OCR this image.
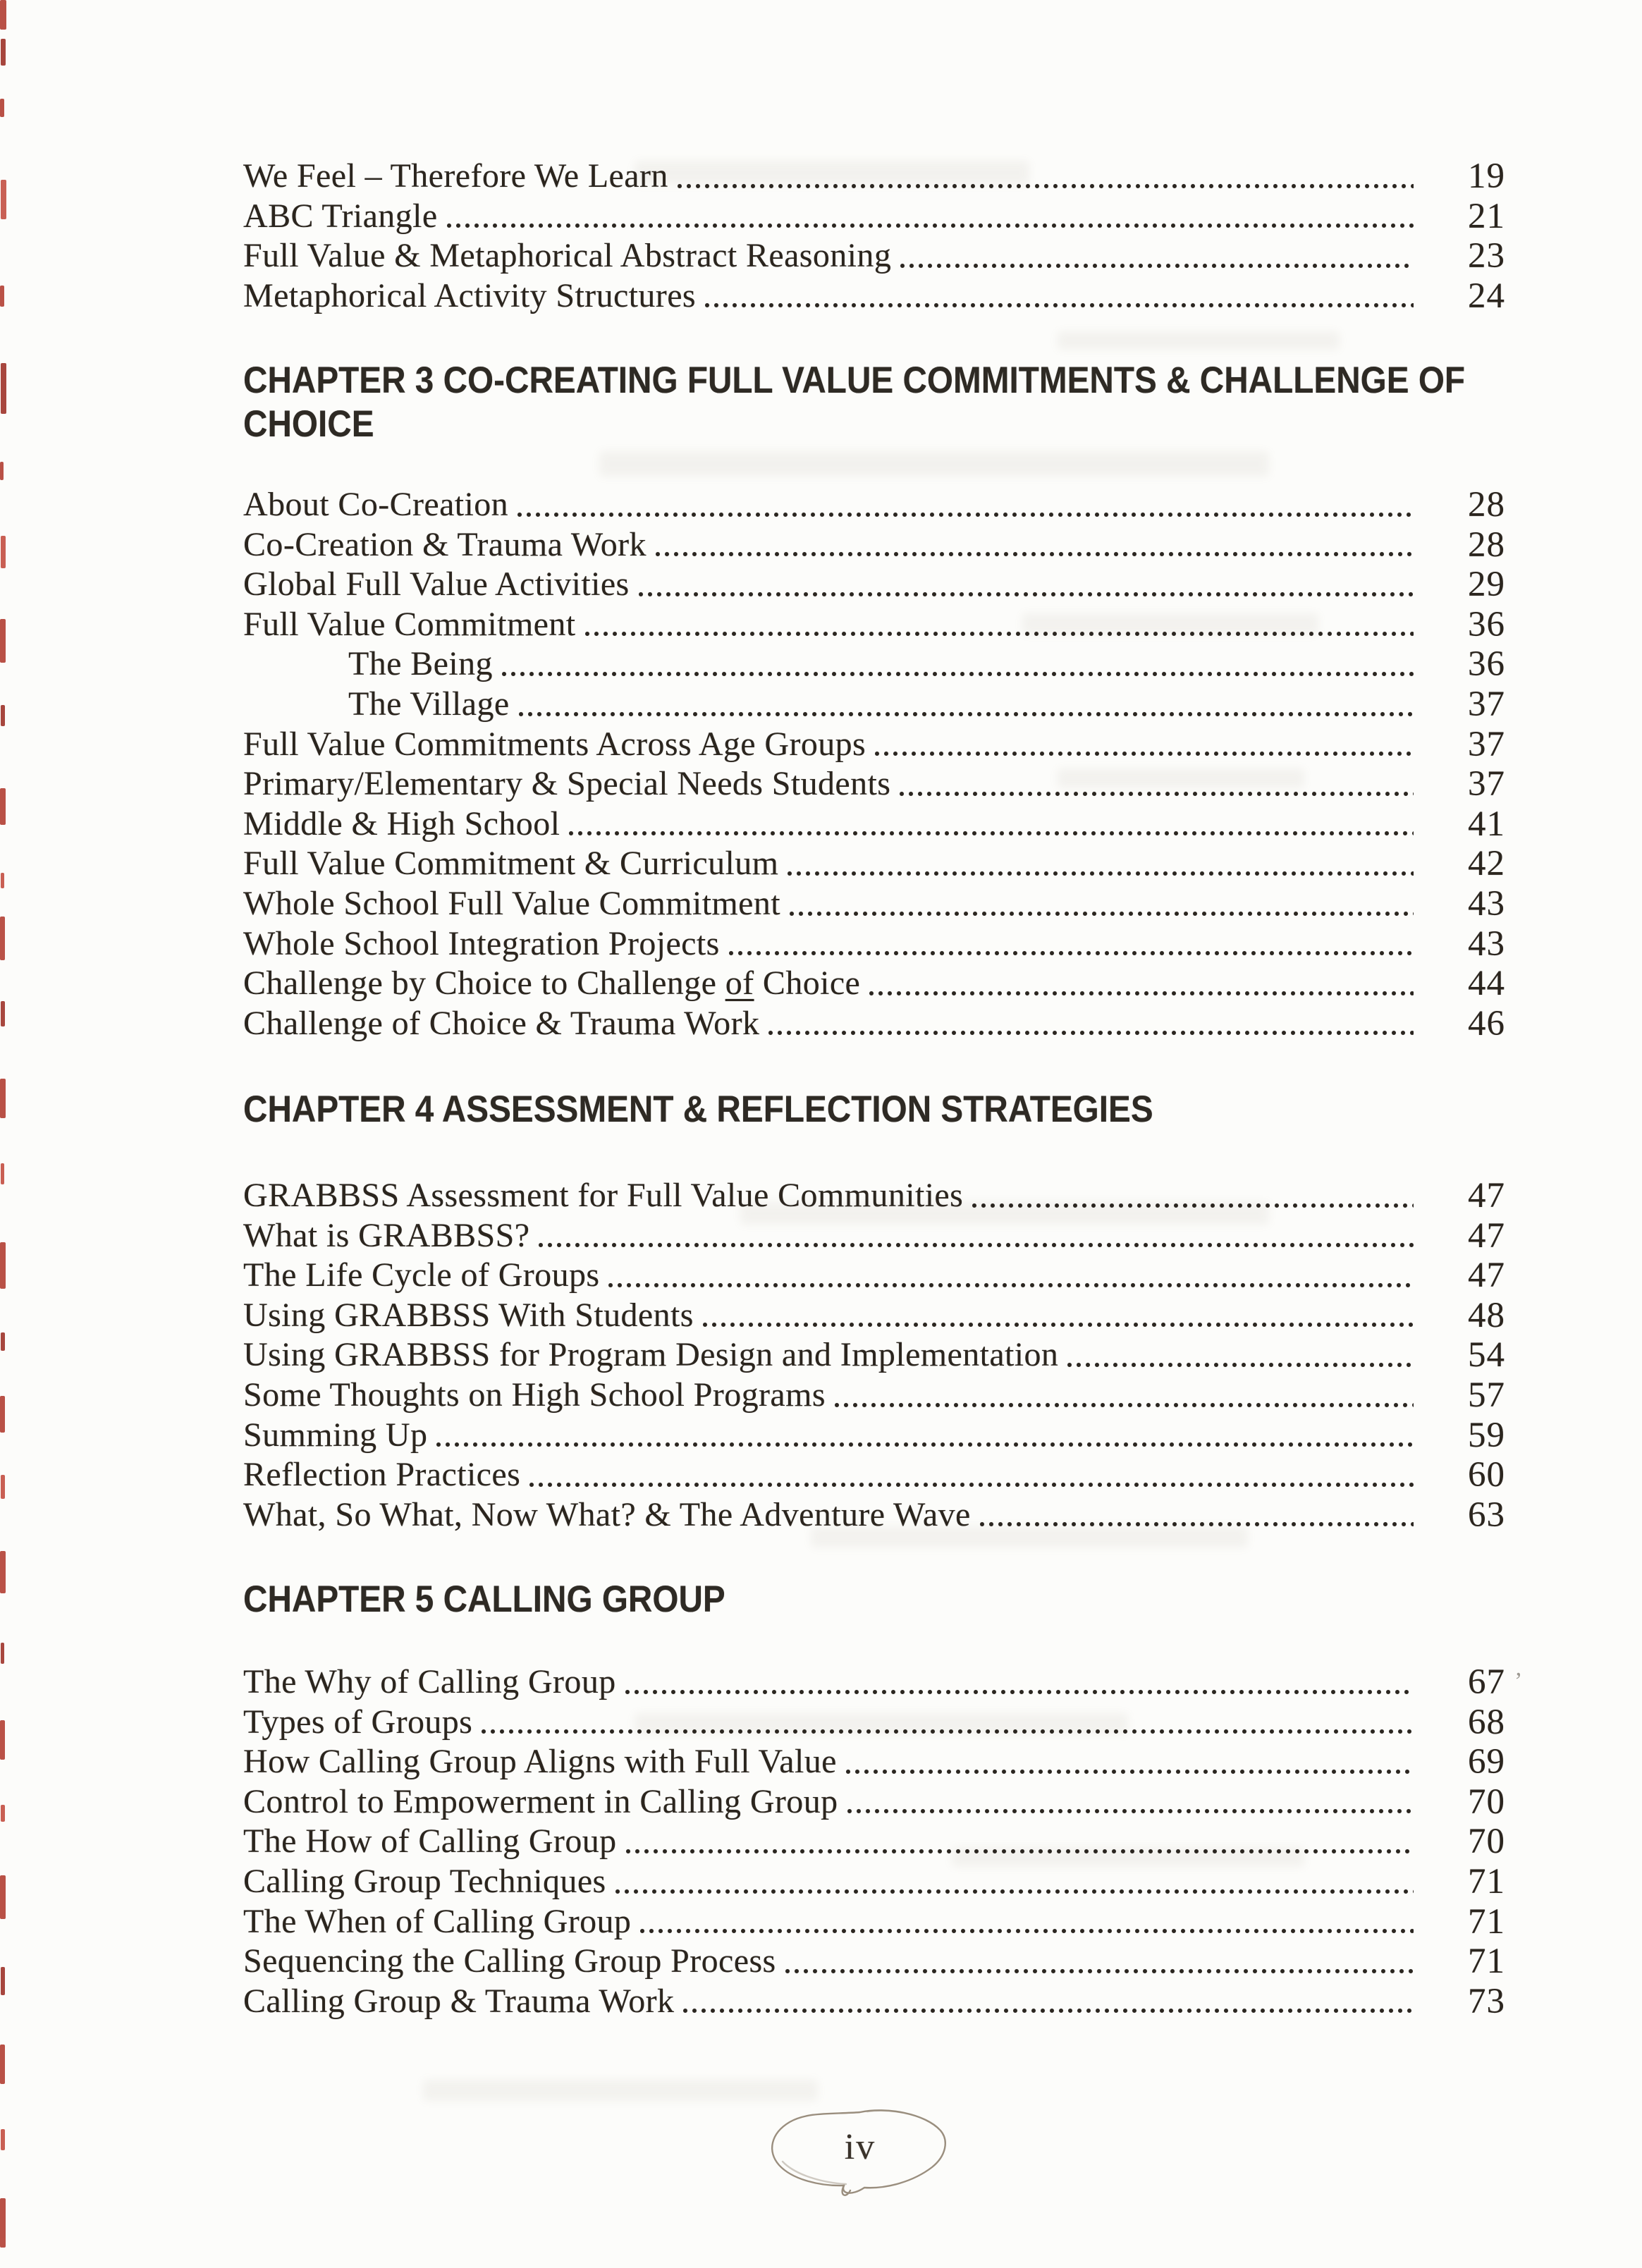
’
We Feel – Therefore We Learn	19
ABC Triangle	21
Full Value & Metaphorical Abstract Reasoning	23
Metaphorical Activity Structures	24
CHAPTER 3 CO-CREATING FULL VALUE COMMITMENTS & CHALLENGE OF
CHOICE
About Co-Creation	28
Co-Creation & Trauma Work	28
Global Full Value Activities	29
Full Value Commitment	36
The Being	36
The Village	37
Full Value Commitments Across Age Groups	37
Primary/Elementary & Special Needs Students	37
Middle & High School	41
Full Value Commitment & Curriculum	42
Whole School Full Value Commitment	43
Whole School Integration Projects	43
Challenge by Choice to Challenge of Choice	44
Challenge of Choice & Trauma Work	46
CHAPTER 4 ASSESSMENT & REFLECTION STRATEGIES
GRABBSS Assessment for Full Value Communities	47
What is GRABBSS?	47
The Life Cycle of Groups	47
Using GRABBSS With Students	48
Using GRABBSS for Program Design and Implementation	54
Some Thoughts on High School Programs	57
Summing Up	59
Reflection Practices	60
What, So What, Now What? & The Adventure Wave	63
CHAPTER 5 CALLING GROUP
The Why of Calling Group	67
Types of Groups	68
How Calling Group Aligns with Full Value	69
Control to Empowerment in Calling Group	70
The How of Calling Group	70
Calling Group Techniques	71
The When of Calling Group	71
Sequencing the Calling Group Process	71
Calling Group & Trauma Work	73
iv
